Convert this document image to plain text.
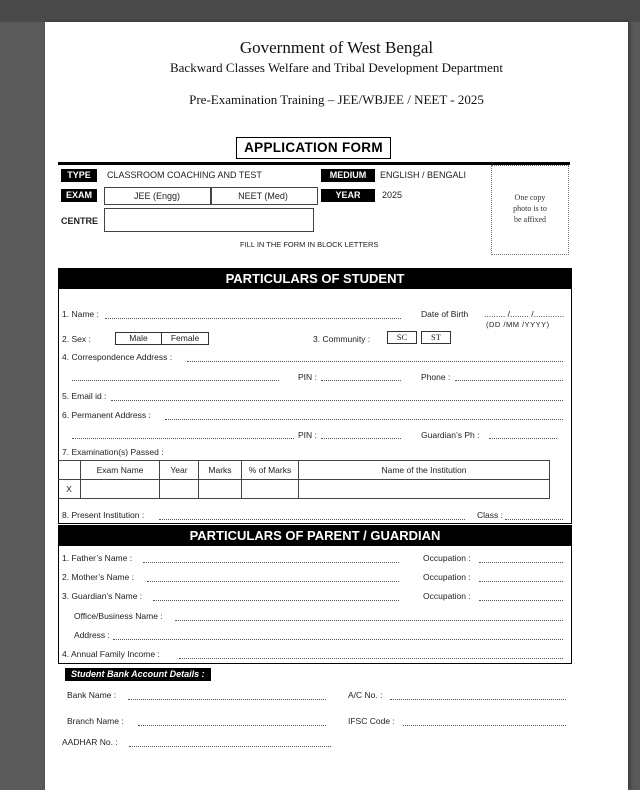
Government of West Bengal
Backward Classes Welfare and Tribal Development Department
Pre-Examination Training – JEE/WBJEE / NEET - 2025
APPLICATION FORM
TYPE	CLASSROOM COACHING AND TEST	MEDIUM	ENGLISH / BENGALI
EXAM	JEE (Engg)	NEET (Med)	YEAR	2025
CENTRE
FILL IN THE FORM IN BLOCK LETTERS
One copy
photo is to
be affixed
PARTICULARS OF STUDENT
1. Name :	Date of Birth ......... /........ /.............
(DD /MM /YYYY)
2. Sex :	Male	Female	3. Community :	SC	ST
4. Correspondence Address :
PIN :	Phone :
5. Email id :
6. Permanent Address :
PIN :	Guardian’s Ph :
7. Examination(s) Passed :
	Exam Name	Year	Marks	% of Marks	Name of the Institution
X					
8. Present Institution :	Class :
PARTICULARS OF PARENT / GUARDIAN
1. Father’s Name :	Occupation :
2. Mother’s Name :	Occupation :
3. Guardian’s Name :	Occupation :
Office/Business Name :
Address :
4. Annual Family Income :
Student Bank Account Details :
Bank Name :	A/C No. :
Branch Name :	IFSC Code :
AADHAR No. :
